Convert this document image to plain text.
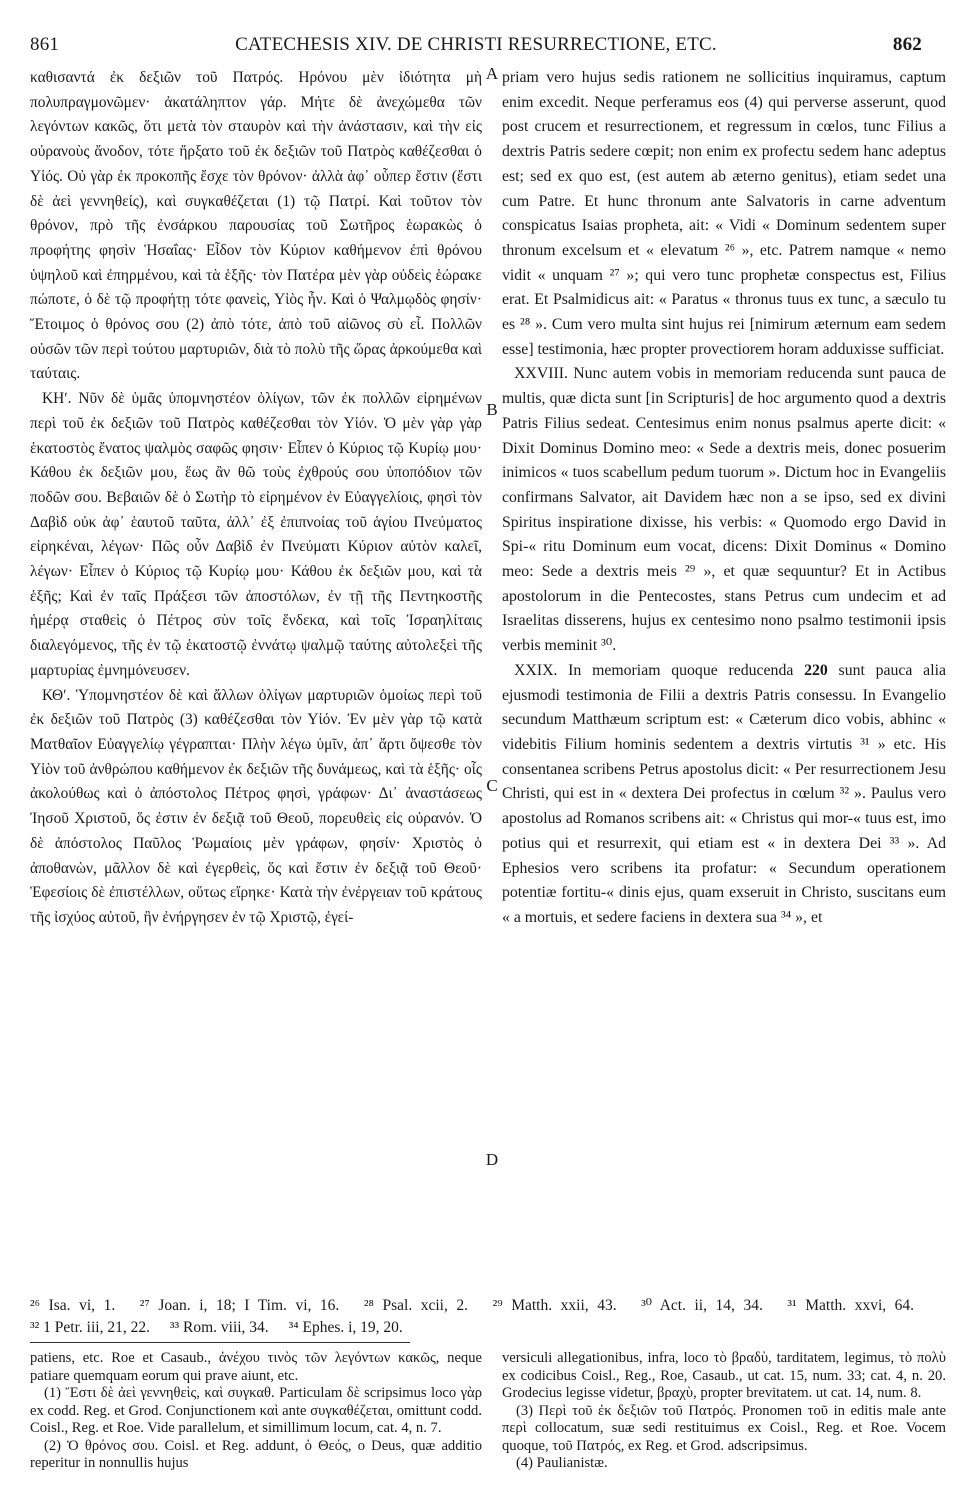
861	CATECHESIS XIV. DE CHRISTI RESURRECTIONE, ETC.	862

καθισαντά ἐκ δεξιῶν τοῦ Πατρός. Ηρόνου μὲν ἰδιότητα μὴ πολυπραγμονῶμεν· ἀκατάληπτον γάρ. Μήτε δὲ ἀνεχώμεθα τῶν λεγόντων κακῶς, ὅτι μετὰ τὸν σταυρὸν καὶ τὴν ἀνάστασιν, καὶ τὴν εἰς οὐρανοὺς ἄνοδον, τότε ἤρξατο τοῦ ἐκ δεξιῶν τοῦ Πατρὸς καθέζεσθαι ὁ Υἱός. Οὐ γὰρ ἐκ προκοπῆς ἔσχε τὸν θρόνον· ἀλλὰ ἀφ᾽ οὗπερ ἔστιν (ἔστι δὲ ἀεὶ γεννηθείς), καὶ συγκαθέζεται (1) τῷ Πατρί. Καὶ τοῦτον τὸν θρόνον, πρὸ τῆς ἐνσάρκου παρουσίας τοῦ Σωτῆρος ἑωρακὼς ὁ προφήτης φησὶν Ἡσαΐας· Εἶδον τὸν Κύριον καθήμενον ἐπὶ θρόνου ὑψηλοῦ καὶ ἐπηρμένου, καὶ τὰ ἑξῆς· τὸν Πατέρα μὲν γὰρ οὐδεὶς ἑώρακε πώποτε, ὁ δὲ τῷ προφήτῃ τότε φανεὶς, Υἱὸς ἦν. Καὶ ὁ Ψαλμῳδὸς φησίν· Ἕτοιμος ὁ θρόνος σου (2) ἀπὸ τότε, ἀπὸ τοῦ αἰῶνος σὺ εἶ. Πολλῶν οὐσῶν τῶν περὶ τούτου μαρτυριῶν, διὰ τὸ πολὺ τῆς ὥρας ἀρκούμεθα καὶ ταύταις.

ΚΗʹ. Νῦν δὲ ὑμᾶς ὑπομνηστέον ὀλίγων, τῶν ἐκ πολλῶν εἰρημένων περὶ τοῦ ἐκ δεξιῶν τοῦ Πατρὸς καθέζεσθαι τὸν Υἱόν. Ὁ μὲν γὰρ γὰρ ἑκατοστὸς ἔνατος ψαλμὸς σαφῶς φησιν· Εἶπεν ὁ Κύριος τῷ Κυρίῳ μου· Κάθου ἐκ δεξιῶν μου, ἕως ἂν θῶ τοὺς ἐχθρούς σου ὑποπόδιον τῶν ποδῶν σου. Βεβαιῶν δὲ ὁ Σωτὴρ τὸ εἰρημένον ἐν Εὐαγγελίοις, φησὶ τὸν Δαβὶδ οὐκ ἀφ᾽ ἑαυτοῦ ταῦτα, ἀλλ᾽ ἐξ ἐπιπνοίας τοῦ ἁγίου Πνεύματος εἰρηκέναι, λέγων· Πῶς οὖν Δαβὶδ ἐν Πνεύματι Κύριον αὐτὸν καλεῖ, λέγων· Εἶπεν ὁ Κύριος τῷ Κυρίῳ μου· Κάθου ἐκ δεξιῶν μου, καὶ τὰ ἑξῆς; Καὶ ἐν ταῖς Πράξεσι τῶν ἀποστόλων, ἐν τῇ τῆς Πεντηκοστῆς ἡμέρᾳ σταθεὶς ὁ Πέτρος σὺν τοῖς ἕνδεκα, καὶ τοῖς Ἰσραηλίταις διαλεγόμενος, τῆς ἐν τῷ ἑκατοστῷ ἐννάτῳ ψαλμῷ ταύτης αὐτολεξεὶ τῆς μαρτυρίας ἐμνημόνευσεν.

ΚΘʹ. Ὑπομνηστέον δὲ καὶ ἄλλων ὀλίγων μαρτυριῶν ὁμοίως περὶ τοῦ ἐκ δεξιῶν τοῦ Πατρὸς (3) καθέζεσθαι τὸν Υἱόν. Ἐν μὲν γὰρ τῷ κατὰ Ματθαῖον Εὐαγγελίῳ γέγραπται· Πλὴν λέγω ὑμῖν, ἀπ᾽ ἄρτι ὄψεσθε τὸν Υἱὸν τοῦ ἀνθρώπου καθήμενον ἐκ δεξιῶν τῆς δυνάμεως, καὶ τὰ ἑξῆς· οἷς ἀκολούθως καὶ ὁ ἀπόστολος Πέτρος φησὶ, γράφων· Δι᾽ ἀναστάσεως Ἰησοῦ Χριστοῦ, ὅς ἐστιν ἐν δεξιᾷ τοῦ Θεοῦ, πορευθεὶς εἰς οὐρανόν. Ὁ δὲ ἀπόστολος Παῦλος Ῥωμαίοις μὲν γράφων, φησίν· Χριστὸς ὁ ἀποθανὼν, μᾶλλον δὲ καὶ ἐγερθεὶς, ὅς καὶ ἔστιν ἐν δεξιᾷ τοῦ Θεοῦ· Ἐφεσίοις δὲ ἐπιστέλλων, οὕτως εἴρηκε· Κατὰ τὴν ἐνέργειαν τοῦ κράτους τῆς ἰσχύος αὐτοῦ, ἣν ἐνήργησεν ἐν τῷ Χριστῷ, ἐγεί-

A
B
C
D

priam vero hujus sedis rationem ne sollicitius inquiramus, captum enim excedit. Neque perferamus eos (4) qui perverse asserunt, quod post crucem et resurrectionem, et regressum in cœlos, tunc Filius a dextris Patris sedere cœpit; non enim ex profectu sedem hanc adeptus est; sed ex quo est, (est autem ab æterno genitus), etiam sedet una cum Patre. Et hunc thronum ante Salvatoris in carne adventum conspicatus Isaias propheta, ait: « Vidi « Dominum sedentem super thronum excelsum et « elevatum ²⁶ », etc. Patrem namque « nemo vidit « unquam ²⁷ »; qui vero tunc prophetæ conspectus est, Filius erat. Et Psalmidicus ait: « Paratus « thronus tuus ex tunc, a sæculo tu es ²⁸ ». Cum vero multa sint hujus rei [nimirum æternum eam sedem esse] testimonia, hæc propter provectiorem horam adduxisse sufficiat.

XXVIII. Nunc autem vobis in memoriam reducenda sunt pauca de multis, quæ dicta sunt [in Scripturis] de hoc argumento quod a dextris Patris Filius sedeat. Centesimus enim nonus psalmus aperte dicit: « Dixit Dominus Domino meo: « Sede a dextris meis, donec posuerim inimicos « tuos scabellum pedum tuorum ». Dictum hoc in Evangeliis confirmans Salvator, ait Davidem hæc non a se ipso, sed ex divini Spiritus inspiratione dixisse, his verbis: « Quomodo ergo David in Spi-« ritu Dominum eum vocat, dicens: Dixit Dominus « Domino meo: Sede a dextris meis ²⁹ », et quæ sequuntur? Et in Actibus apostolorum in die Pentecostes, stans Petrus cum undecim et ad Israelitas disserens, hujus ex centesimo nono psalmo testimonii ipsis verbis meminit ³⁰.

XXIX. In memoriam quoque reducenda 220 sunt pauca alia ejusmodi testimonia de Filii a dextris Patris consessu. In Evangelio secundum Matthæum scriptum est: « Cæterum dico vobis, abhinc « videbitis Filium hominis sedentem a dextris virtutis ³¹ » etc. His consentanea scribens Petrus apostolus dicit: « Per resurrectionem Jesu Christi, qui est in « dextera Dei profectus in cœlum ³² ». Paulus vero apostolus ad Romanos scribens ait: « Christus qui mor-« tuus est, imo potius qui et resurrexit, qui etiam est « in dextera Dei ³³ ». Ad Ephesios vero scribens ita profatur: « Secundum operationem potentiæ fortitu-« dinis ejus, quam exseruit in Christo, suscitans eum « a mortuis, et sedere faciens in dextera sua ³⁴ », et

²⁶ Isa. vi, 1. ²⁷ Joan. i, 18; I Tim. vi, 16. ²⁸ Psal. xcii, 2. ²⁹ Matth. xxii, 43. ³⁰ Act. ii, 14, 34. ³¹ Matth. xxvi, 64. ³² 1 Petr. iii, 21, 22. ³³ Rom. viii, 34. ³⁴ Ephes. i, 19, 20.

patiens, etc. Roe et Casaub., ἀνέχου τινὸς τῶν λεγόντων κακῶς, neque patiare quemquam eorum qui prave aiunt, etc.

(1) Ἔστι δὲ ἀεὶ γεννηθεὶς, καὶ συγκαθ. Particulam δὲ scripsimus loco γὰρ ex codd. Reg. et Grod. Conjunctionem καὶ ante συγκαθέζεται, omittunt codd. Coisl., Reg. et Roe. Vide parallelum, et simillimum locum, cat. 4, n. 7.

(2) Ὁ θρόνος σου. Coisl. et Reg. addunt, ὁ Θεός, o Deus, quæ additio reperitur in nonnullis hujus

versiculi allegationibus, infra, loco τὸ βραδὺ, tarditatem, legimus, τὸ πολὺ ex codicibus Coisl., Reg., Roe, Casaub., ut cat. 15, num. 33; cat. 4, n. 20. Grodecius legisse videtur, βραχὺ, propter brevitatem. ut cat. 14, num. 8.

(3) Περὶ τοῦ ἐκ δεξιῶν τοῦ Πατρός. Pronomen τοῦ in editis male ante περὶ collocatum, suæ sedi restituimus ex Coisl., Reg. et Roe. Vocem quoque, τοῦ Πατρός, ex Reg. et Grod. adscripsimus.

(4) Paulianistæ.
